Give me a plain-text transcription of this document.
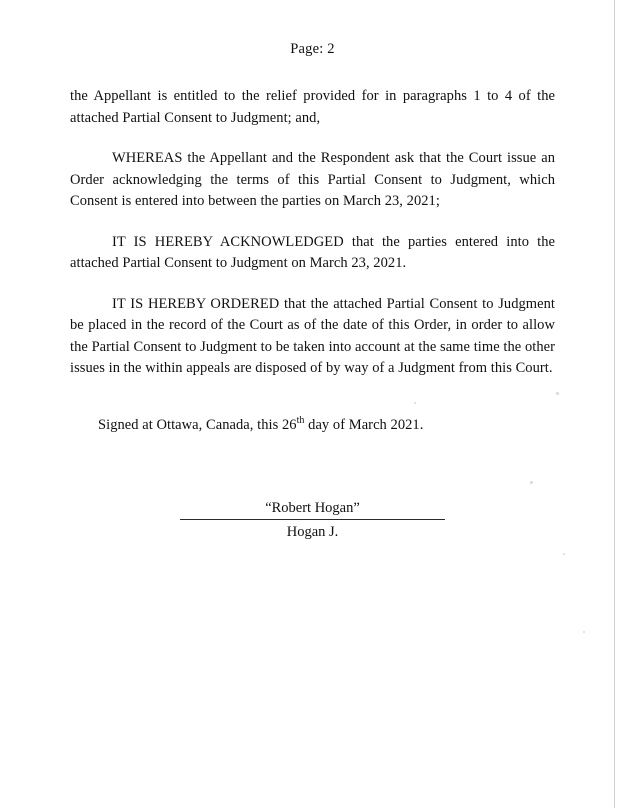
Page: 2

the Appellant is entitled to the relief provided for in paragraphs 1 to 4 of the attached Partial Consent to Judgment; and,

WHEREAS the Appellant and the Respondent ask that the Court issue an Order acknowledging the terms of this Partial Consent to Judgment, which Consent is entered into between the parties on March 23, 2021;

IT IS HEREBY ACKNOWLEDGED that the parties entered into the attached Partial Consent to Judgment on March 23, 2021.

IT IS HEREBY ORDERED that the attached Partial Consent to Judgment be placed in the record of the Court as of the date of this Order, in order to allow the Partial Consent to Judgment to be taken into account at the same time the other issues in the within appeals are disposed of by way of a Judgment from this Court.

Signed at Ottawa, Canada, this 26th day of March 2021.

“Robert Hogan”
Hogan J.
